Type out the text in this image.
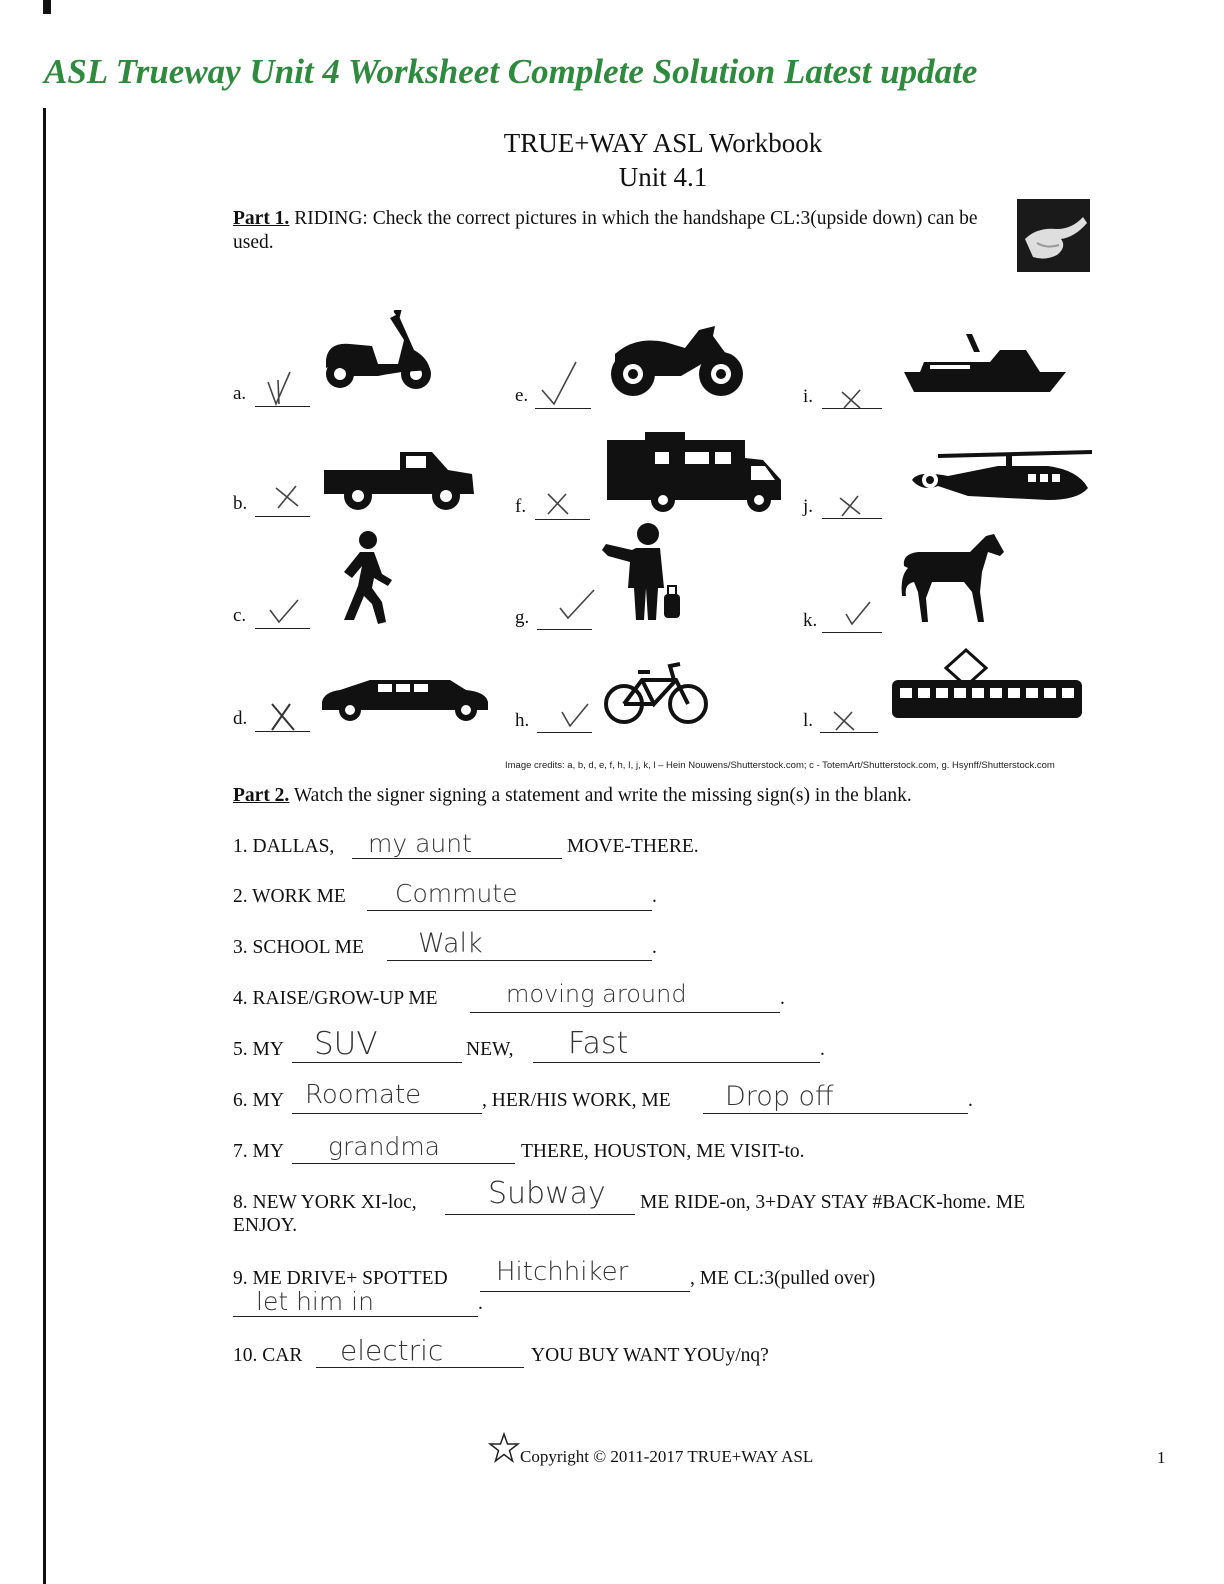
ASL Trueway Unit 4 Worksheet Complete Solution Latest update
TRUE+WAY ASL Workbook
Unit 4.1
Part 1. RIDING: Check the correct pictures in which the handshape CL:3(upside down) can be used.
a.
b.
c.
d.
e.
f.
g.
h.
i.
j.
k.
l.
Image credits: a, b, d, e, f, h, I, j, k, l – Hein Nouwens/Shutterstock.com; c - TotemArt/Shutterstock.com, g. Hsynff/Shutterstock.com
Part 2. Watch the signer signing a statement and write the missing sign(s) in the blank.
1. DALLAS, my aunt	MOVE-THERE.
2. WORK ME Commute	.
3. SCHOOL ME Walk	.
4. RAISE/GROW-UP ME	moving around	.
5. MY SUV	NEW, Fast	.
6. MY Roomate	, HER/HIS WORK, ME Drop off	.
7. MY grandma	THERE, HOUSTON, ME VISIT-to.
8. NEW YORK XI-loc, Subway ME RIDE-on, 3+DAY STAY #BACK-home. ME
ENJOY.
9. ME DRIVE+ SPOTTED Hitchhiker	, ME CL:3(pulled over)
let him in	.
10. CAR electric	YOU BUY WANT YOUy/nq?
Copyright © 2011-2017 TRUE+WAY ASL	1
